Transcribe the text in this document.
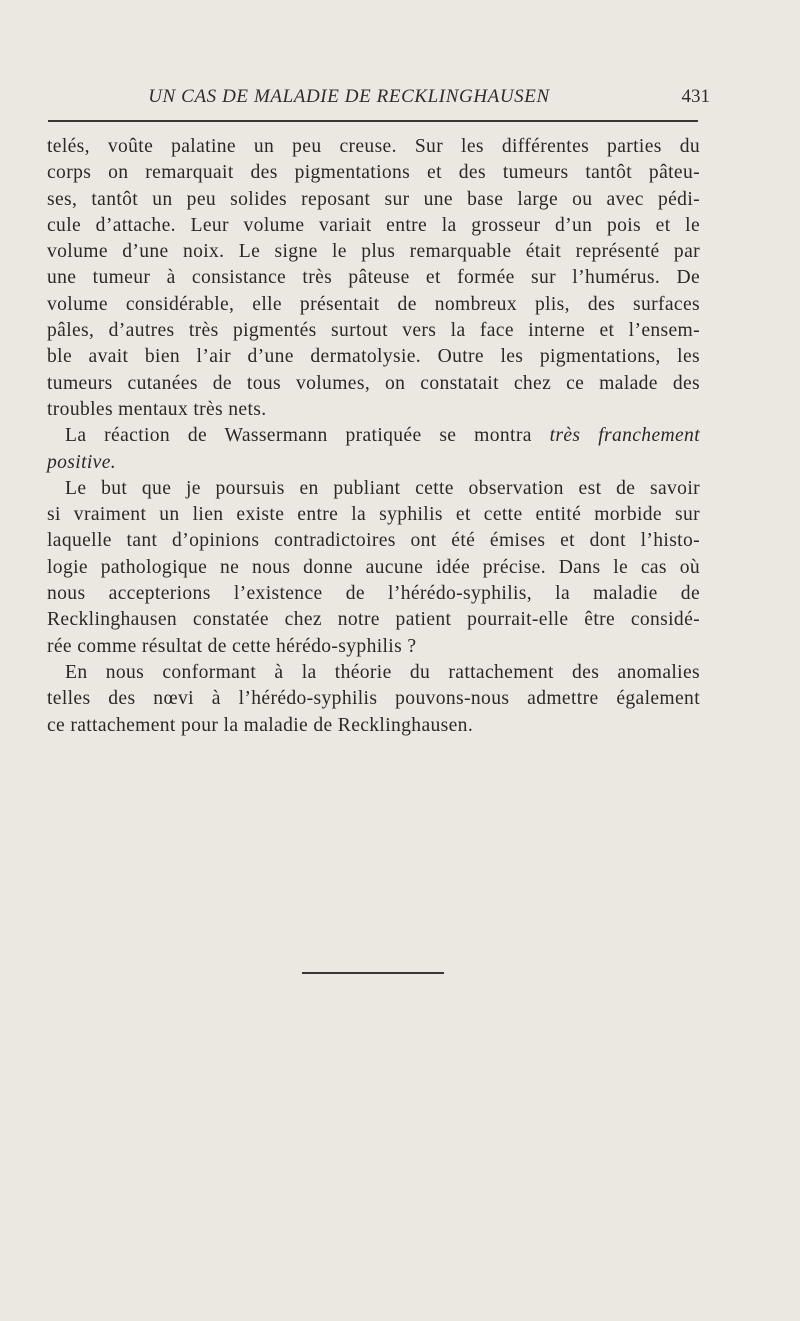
UN CAS DE MALADIE DE RECKLINGHAUSEN	431
telés, voûte palatine un peu creuse. Sur les différentes parties du
corps on remarquait des pigmentations et des tumeurs tantôt pâteu-
ses, tantôt un peu solides reposant sur une base large ou avec pédi-
cule d’attache. Leur volume variait entre la grosseur d’un pois et le
volume d’une noix. Le signe le plus remarquable était représenté par
une tumeur à consistance très pâteuse et formée sur l’humérus. De
volume considérable, elle présentait de nombreux plis, des surfaces
pâles, d’autres très pigmentés surtout vers la face interne et l’ensem-
ble avait bien l’air d’une dermatolysie. Outre les pigmentations, les
tumeurs cutanées de tous volumes, on constatait chez ce malade des
troubles mentaux très nets.
La réaction de Wassermann pratiquée se montra très franchement
positive.
Le but que je poursuis en publiant cette observation est de savoir
si vraiment un lien existe entre la syphilis et cette entité morbide sur
laquelle tant d’opinions contradictoires ont été émises et dont l’histo-
logie pathologique ne nous donne aucune idée précise. Dans le cas où
nous accepterions l’existence de l’hérédo-syphilis, la maladie de
Recklinghausen constatée chez notre patient pourrait-elle être considé-
rée comme résultat de cette hérédo-syphilis ?
En nous conformant à la théorie du rattachement des anomalies
telles des nœvi à l’hérédo-syphilis pouvons-nous admettre également
ce rattachement pour la maladie de Recklinghausen.
